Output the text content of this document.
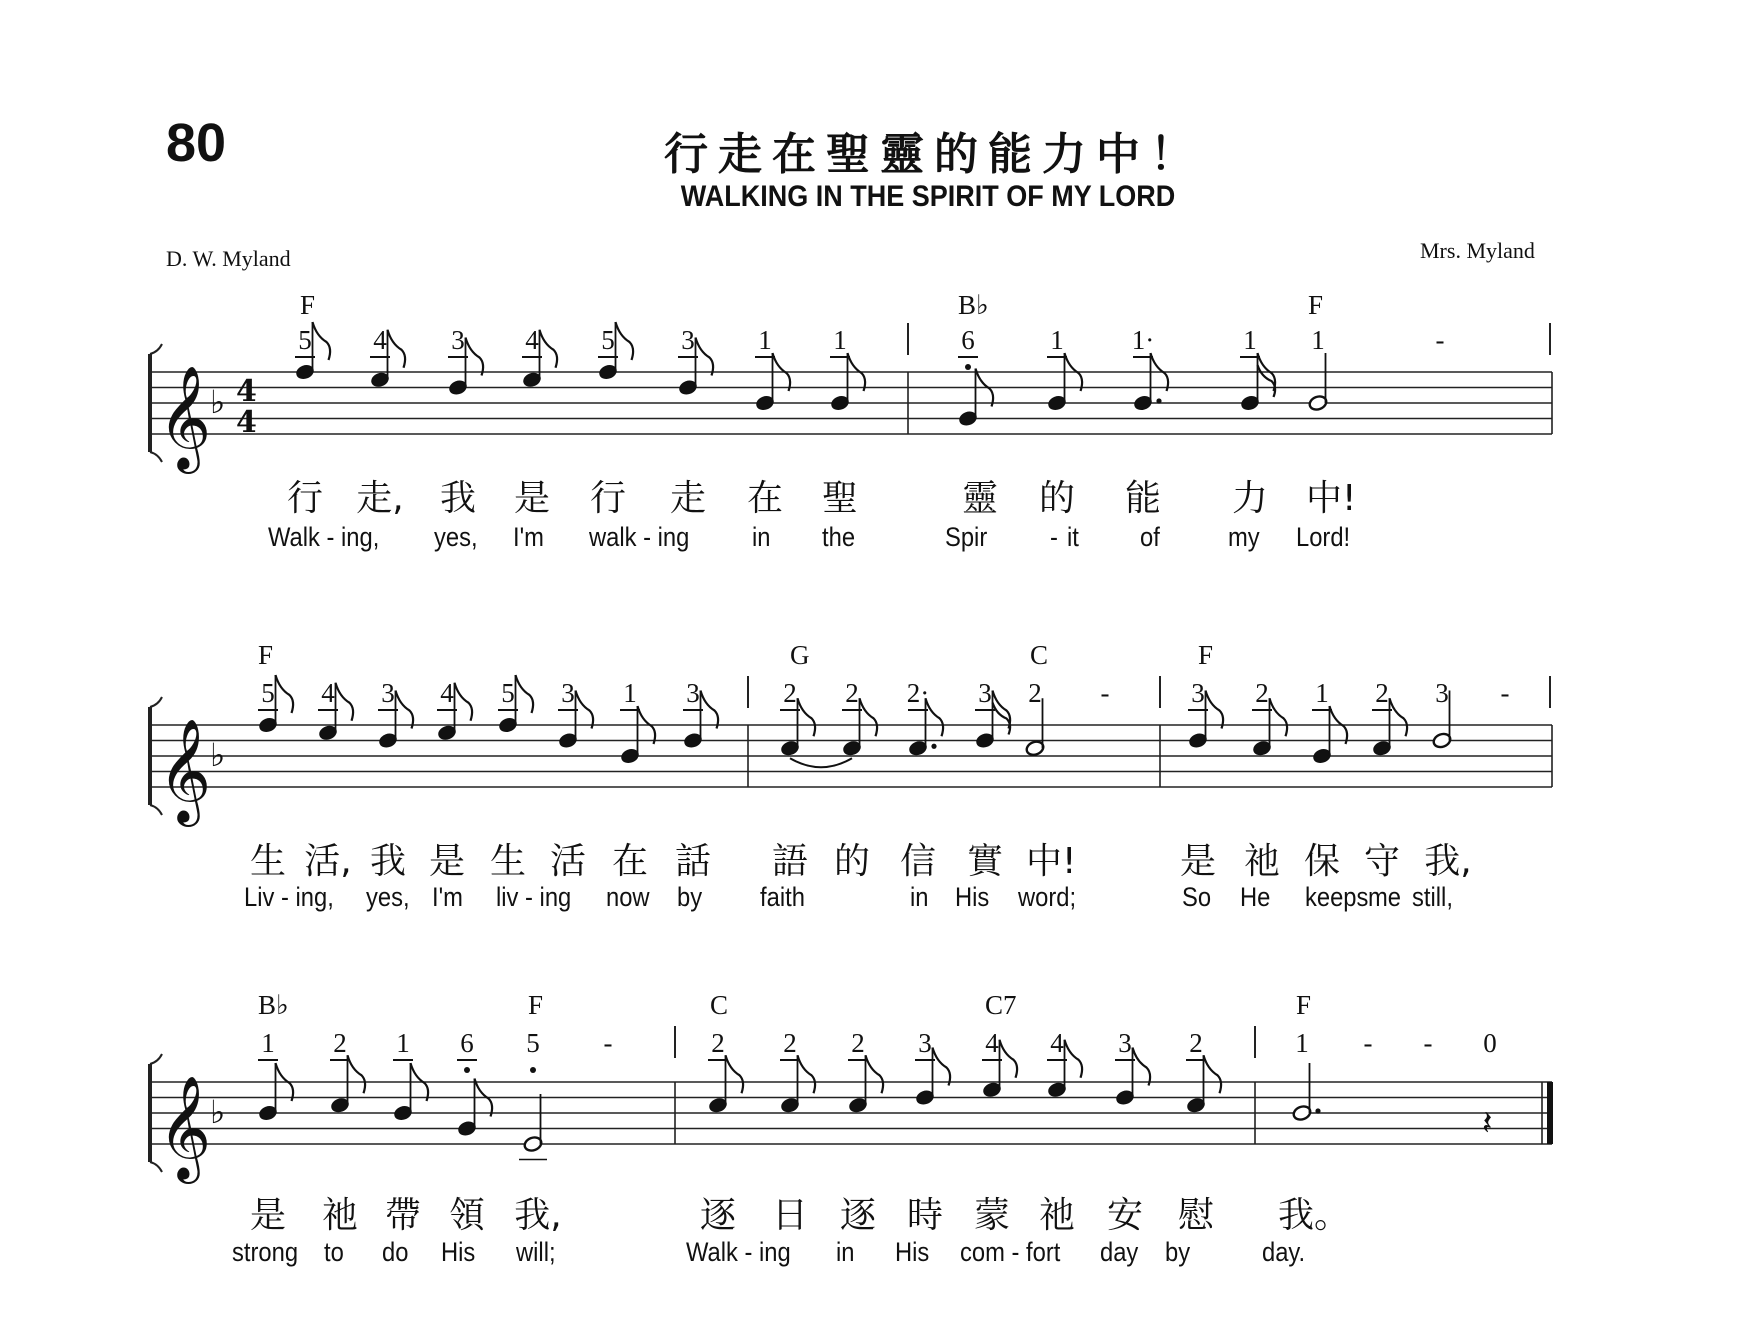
80	行走在聖靈的能力中！
WALKING IN THE SPIRIT OF MY LORD
D. W. Myland	Mrs. Myland
𝄞
♭ 4
4
𝄞
♭
𝄞
♭	𝄽
F	B♭	F
5	4	3	4	5	3	1	1	6	1	1·	1	1	-
行 走, 我 是 行 走 在 聖	靈 的 能 力 中!
Walk - ing, yes, I'm walk - ing in the	Spir - it of	my Lord!
F	G	C	F
5	4	3	4	5	3	1	3	2	2	2·	3	2	-	3	2	1	2	3	-
生 活, 我 是 生 活 在 話 語 的 信 實 中!	是 祂 保 守 我,
Liv - ing, yes, I'm liv - ing now by faith	in His word;	So He keeps me still,
B♭	F	C	C7	F
1	2	1	6	5	-	2	2	2	3	4	4	3	2	1	-	-	0
是 祂 帶 領 我,	逐 日 逐 時 蒙 祂 安 慰 我。
strong to do His will;	Walk - ing in His com - fort day by	day.
